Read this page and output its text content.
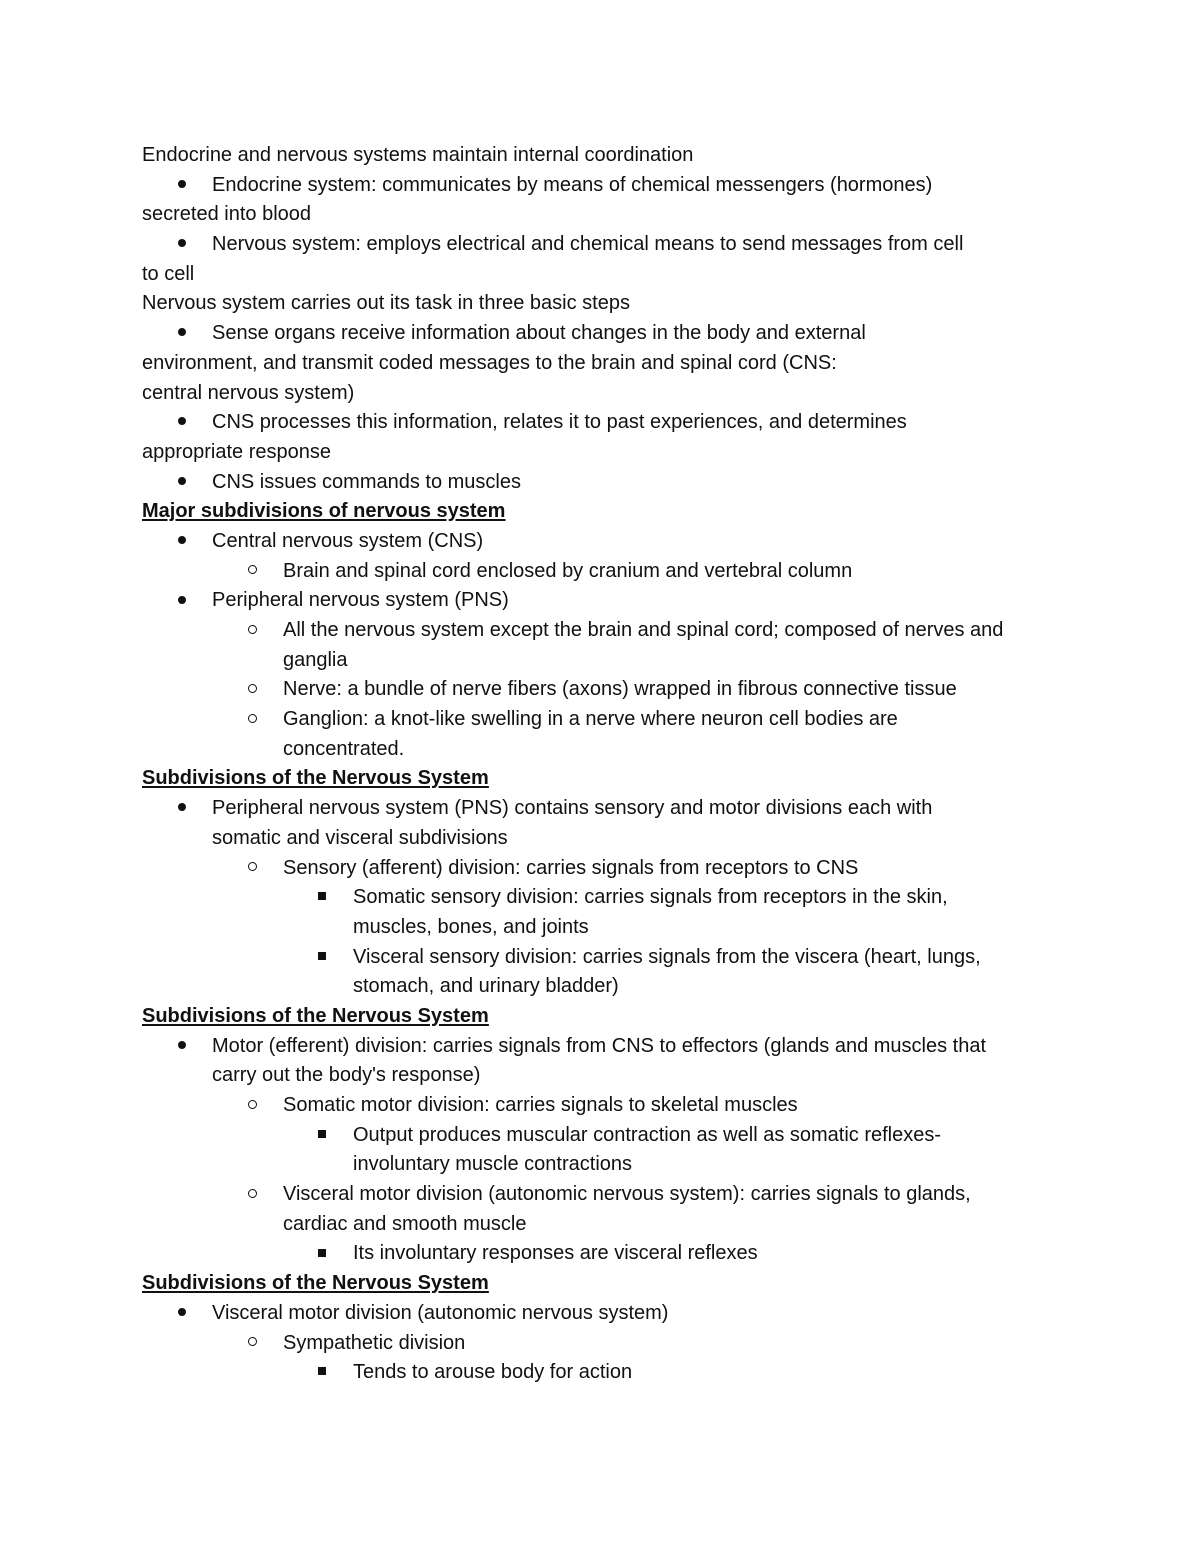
Endocrine and nervous systems maintain internal coordination
Endocrine system: communicates by means of chemical messengers (hormones)
secreted into blood
Nervous system: employs electrical and chemical means to send messages from cell
to cell
Nervous system carries out its task in three basic steps
Sense organs receive information about changes in the body and external
environment, and transmit coded messages to the brain and spinal cord (CNS:
central nervous system)
CNS processes this information, relates it to past experiences, and determines
appropriate response
CNS issues commands to muscles
Major subdivisions of nervous system
Central nervous system (CNS)
Brain and spinal cord enclosed by cranium and vertebral column
Peripheral nervous system (PNS)
All the nervous system except the brain and spinal cord; composed of nerves and
ganglia
Nerve: a bundle of nerve fibers (axons) wrapped in fibrous connective tissue
Ganglion: a knot-like swelling in a nerve where neuron cell bodies are
concentrated.
Subdivisions of the Nervous System
Peripheral nervous system (PNS) contains sensory and motor divisions each with
somatic and visceral subdivisions
Sensory (afferent) division: carries signals from receptors to CNS
Somatic sensory division: carries signals from receptors in the skin,
muscles, bones, and joints
Visceral sensory division: carries signals from the viscera (heart, lungs,
stomach, and urinary bladder)
Subdivisions of the Nervous System
Motor (efferent) division: carries signals from CNS to effectors (glands and muscles that
carry out the body's response)
Somatic motor division: carries signals to skeletal muscles
Output produces muscular contraction as well as somatic reflexes-
involuntary muscle contractions
Visceral motor division (autonomic nervous system): carries signals to glands,
cardiac and smooth muscle
Its involuntary responses are visceral reflexes
Subdivisions of the Nervous System
Visceral motor division (autonomic nervous system)
Sympathetic division
Tends to arouse body for action
